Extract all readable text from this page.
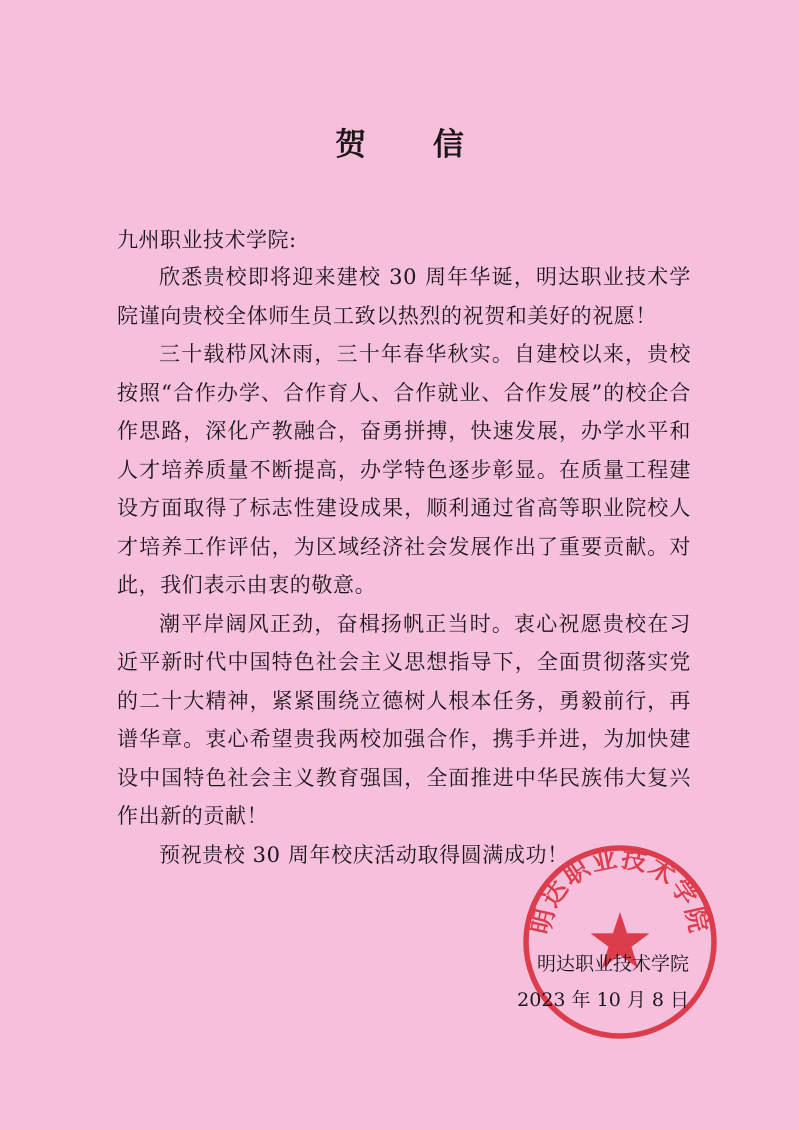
贺 信
九州职业技术学院:

欣悉贵校即将迎来建校 30 周年华诞，明达职业技术学院谨向贵校全体师生员工致以热烈的祝贺和美好的祝愿！

三十载栉风沐雨，三十年春华秋实。自建校以来，贵校按照“合作办学、合作育人、合作就业、合作发展”的校企合作思路，深化产教融合，奋勇拼搏，快速发展，办学水平和人才培养质量不断提高，办学特色逐步彰显。在质量工程建设方面取得了标志性建设成果，顺利通过省高等职业院校人才培养工作评估，为区域经济社会发展作出了重要贡献。对此，我们表示由衷的敬意。

潮平岸阔风正劲，奋楫扬帆正当时。衷心祝愿贵校在习近平新时代中国特色社会主义思想指导下，全面贯彻落实党的二十大精神，紧紧围绕立德树人根本任务，勇毅前行，再谱华章。衷心希望贵我两校加强合作，携手并进，为加快建设中国特色社会主义教育强国，全面推进中华民族伟大复兴作出新的贡献！

预祝贵校 30 周年校庆活动取得圆满成功！

明达职业技术学院
2023 年 10 月 8 日
明达职业技术学院
